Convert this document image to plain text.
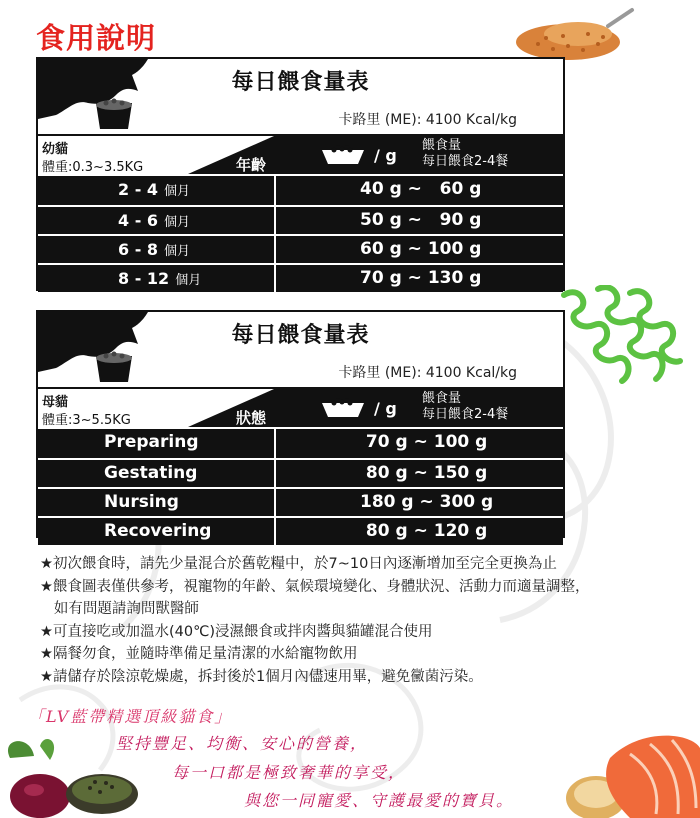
食用說明
每日餵食量表
卡路里 (ME): 4100 Kcal/kg
幼貓
體重:0.3~3.5KG	年齡	/ g
餵食量
每日餵食2-4餐
2 - 4 個月	40 g ~   60 g
4 - 6 個月	50 g ~   90 g
6 - 8 個月	60 g ~ 100 g
8 - 12 個月	70 g ~ 130 g
每日餵食量表
卡路里 (ME): 4100 Kcal/kg
母貓
體重:3~5.5KG	狀態	/ g
餵食量
每日餵食2-4餐
Preparing	70 g ~ 100 g
Gestating	80 g ~ 150 g
Nursing	180 g ~ 300 g
Recovering	80 g ~ 120 g
★初次餵食時，請先少量混合於舊乾糧中，於7~10日內逐漸增加至完全更換為止
★餵食圖表僅供參考，視寵物的年齡、氣候環境變化、身體狀況、活動力而適量調整，
如有問題請詢問獸醫師
★可直接吃或加溫水(40℃)浸濕餵食或拌肉醬與貓罐混合使用
★隔餐勿食，並隨時準備足量清潔的水給寵物飲用
★請儲存於陰涼乾燥處，拆封後於1個月內儘速用畢，避免黴菌污染。
「LV藍帶精選頂級貓食」
堅持豐足、均衡、安心的營養，
每一口都是極致奢華的享受，
與您一同寵愛、守護最愛的寶貝。
